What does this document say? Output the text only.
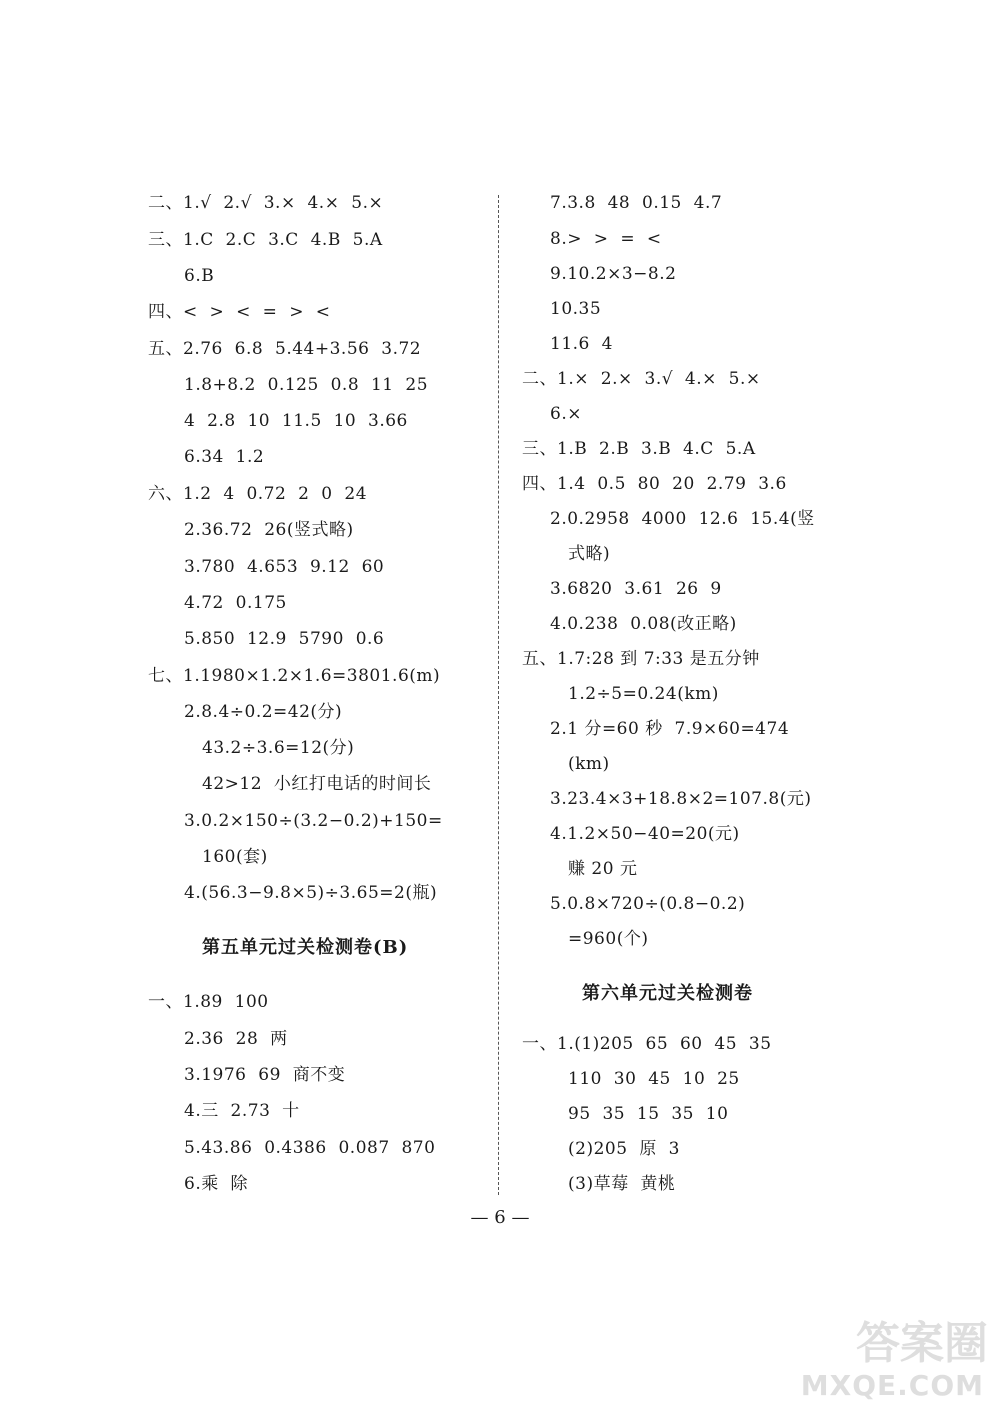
二、1.√  2.√  3.×  4.×  5.×
三、1.C  2.C  3.C  4.B  5.A
6.B
四、<  >  <  =  >  <
五、2.76  6.8  5.44+3.56  3.72
1.8+8.2  0.125  0.8  11  25
4  2.8  10  11.5  10  3.66
6.34  1.2
六、1.2  4  0.72  2  0  24
2.36.72  26(竖式略)
3.780  4.653  9.12  60
4.72  0.175
5.850  12.9  5790  0.6
七、1.1980×1.2×1.6=3801.6(m)
2.8.4÷0.2=42(分)
43.2÷3.6=12(分)
42>12  小红打电话的时间长
3.0.2×150÷(3.2−0.2)+150=
160(套)
4.(56.3−9.8×5)÷3.65=2(瓶)
第五单元过关检测卷(B)
一、1.89  100
2.36  28  两
3.1976  69  商不变
4.三  2.73  十
5.43.86  0.4386  0.087  870
6.乘  除
7.3.8  48  0.15  4.7
8.>  >  =  <
9.10.2×3−8.2
10.35
11.6  4
二、1.×  2.×  3.√  4.×  5.×
6.×
三、1.B  2.B  3.B  4.C  5.A
四、1.4  0.5  80  20  2.79  3.6
2.0.2958  4000  12.6  15.4(竖
式略)
3.6820  3.61  26  9
4.0.238  0.08(改正略)
五、1.7:28 到 7:33 是五分钟
1.2÷5=0.24(km)
2.1 分=60 秒  7.9×60=474
(km)
3.23.4×3+18.8×2=107.8(元)
4.1.2×50−40=20(元)
赚 20 元
5.0.8×720÷(0.8−0.2)
=960(个)
第六单元过关检测卷
一、1.(1)205  65  60  45  35
110  30  45  10  25
95  35  15  35  10
(2)205  原  3
(3)草莓  黄桃
— 6 —
答案圈
MXQE.COM
